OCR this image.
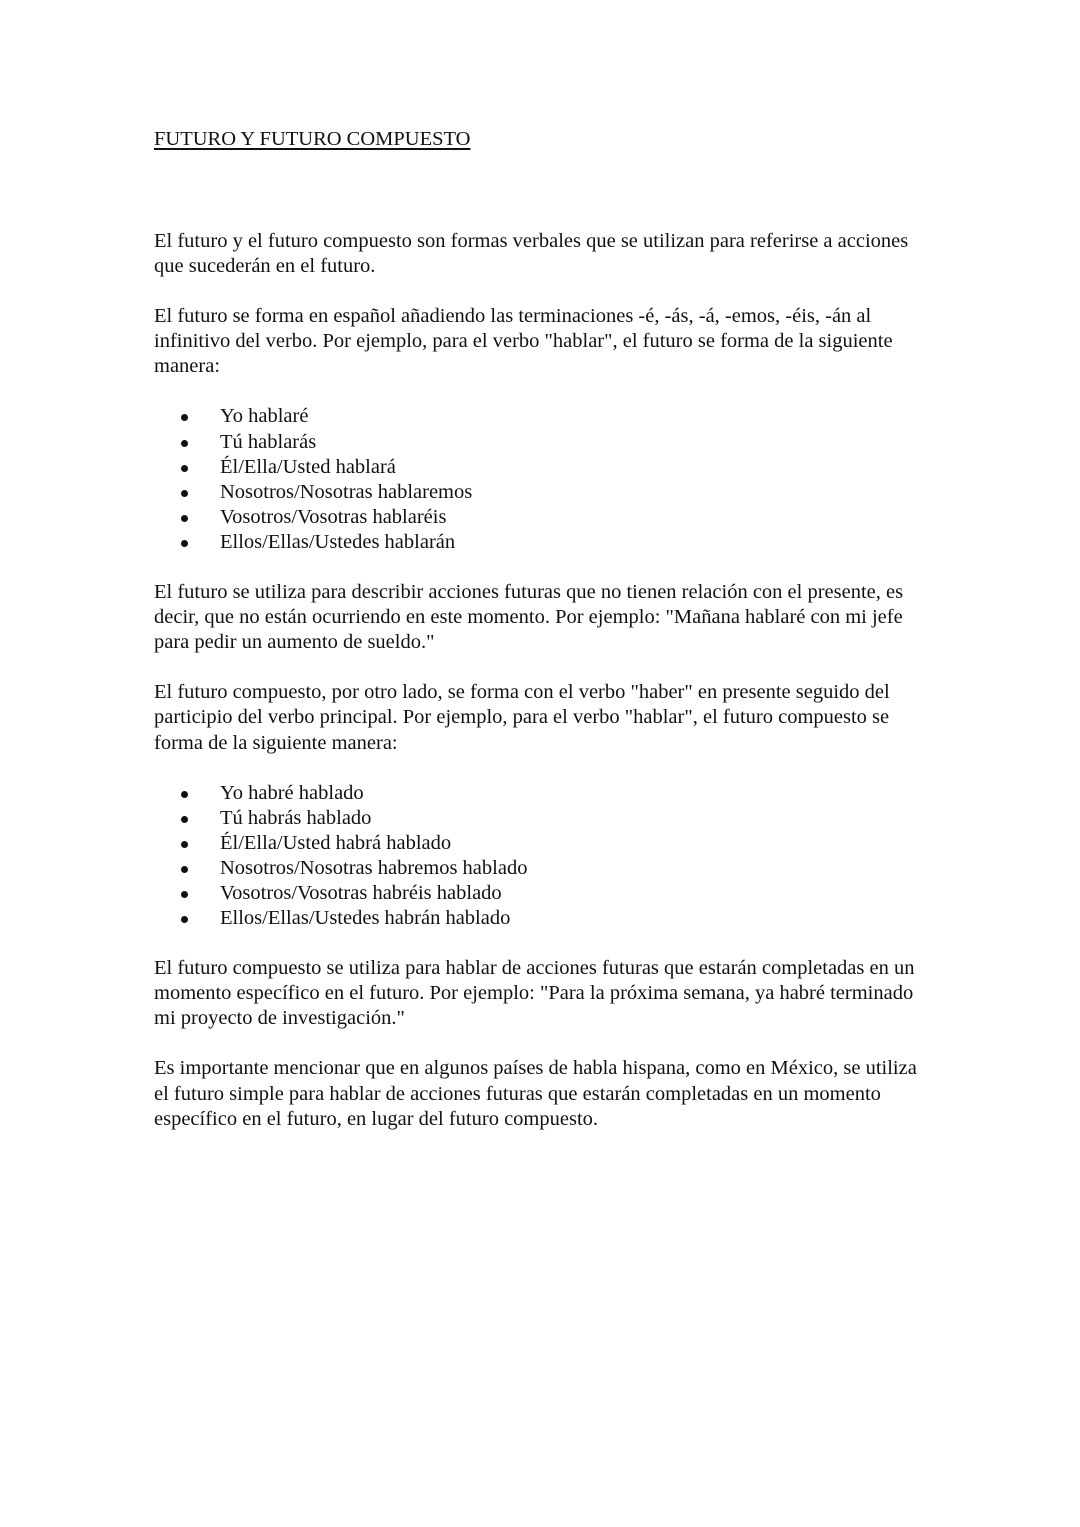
FUTURO Y FUTURO COMPUESTO

El futuro y el futuro compuesto son formas verbales que se utilizan para referirse a acciones que sucederán en el futuro.

El futuro se forma en español añadiendo las terminaciones -é, -ás, -á, -emos, -éis, -án al infinitivo del verbo. Por ejemplo, para el verbo "hablar", el futuro se forma de la siguiente manera:

Yo hablaré
Tú hablarás
Él/Ella/Usted hablará
Nosotros/Nosotras hablaremos
Vosotros/Vosotras hablaréis
Ellos/Ellas/Ustedes hablarán

El futuro se utiliza para describir acciones futuras que no tienen relación con el presente, es decir, que no están ocurriendo en este momento. Por ejemplo: "Mañana hablaré con mi jefe para pedir un aumento de sueldo."

El futuro compuesto, por otro lado, se forma con el verbo "haber" en presente seguido del participio del verbo principal. Por ejemplo, para el verbo "hablar", el futuro compuesto se forma de la siguiente manera:

Yo habré hablado
Tú habrás hablado
Él/Ella/Usted habrá hablado
Nosotros/Nosotras habremos hablado
Vosotros/Vosotras habréis hablado
Ellos/Ellas/Ustedes habrán hablado

El futuro compuesto se utiliza para hablar de acciones futuras que estarán completadas en un momento específico en el futuro. Por ejemplo: "Para la próxima semana, ya habré terminado mi proyecto de investigación."

Es importante mencionar que en algunos países de habla hispana, como en México, se utiliza el futuro simple para hablar de acciones futuras que estarán completadas en un momento específico en el futuro, en lugar del futuro compuesto.
